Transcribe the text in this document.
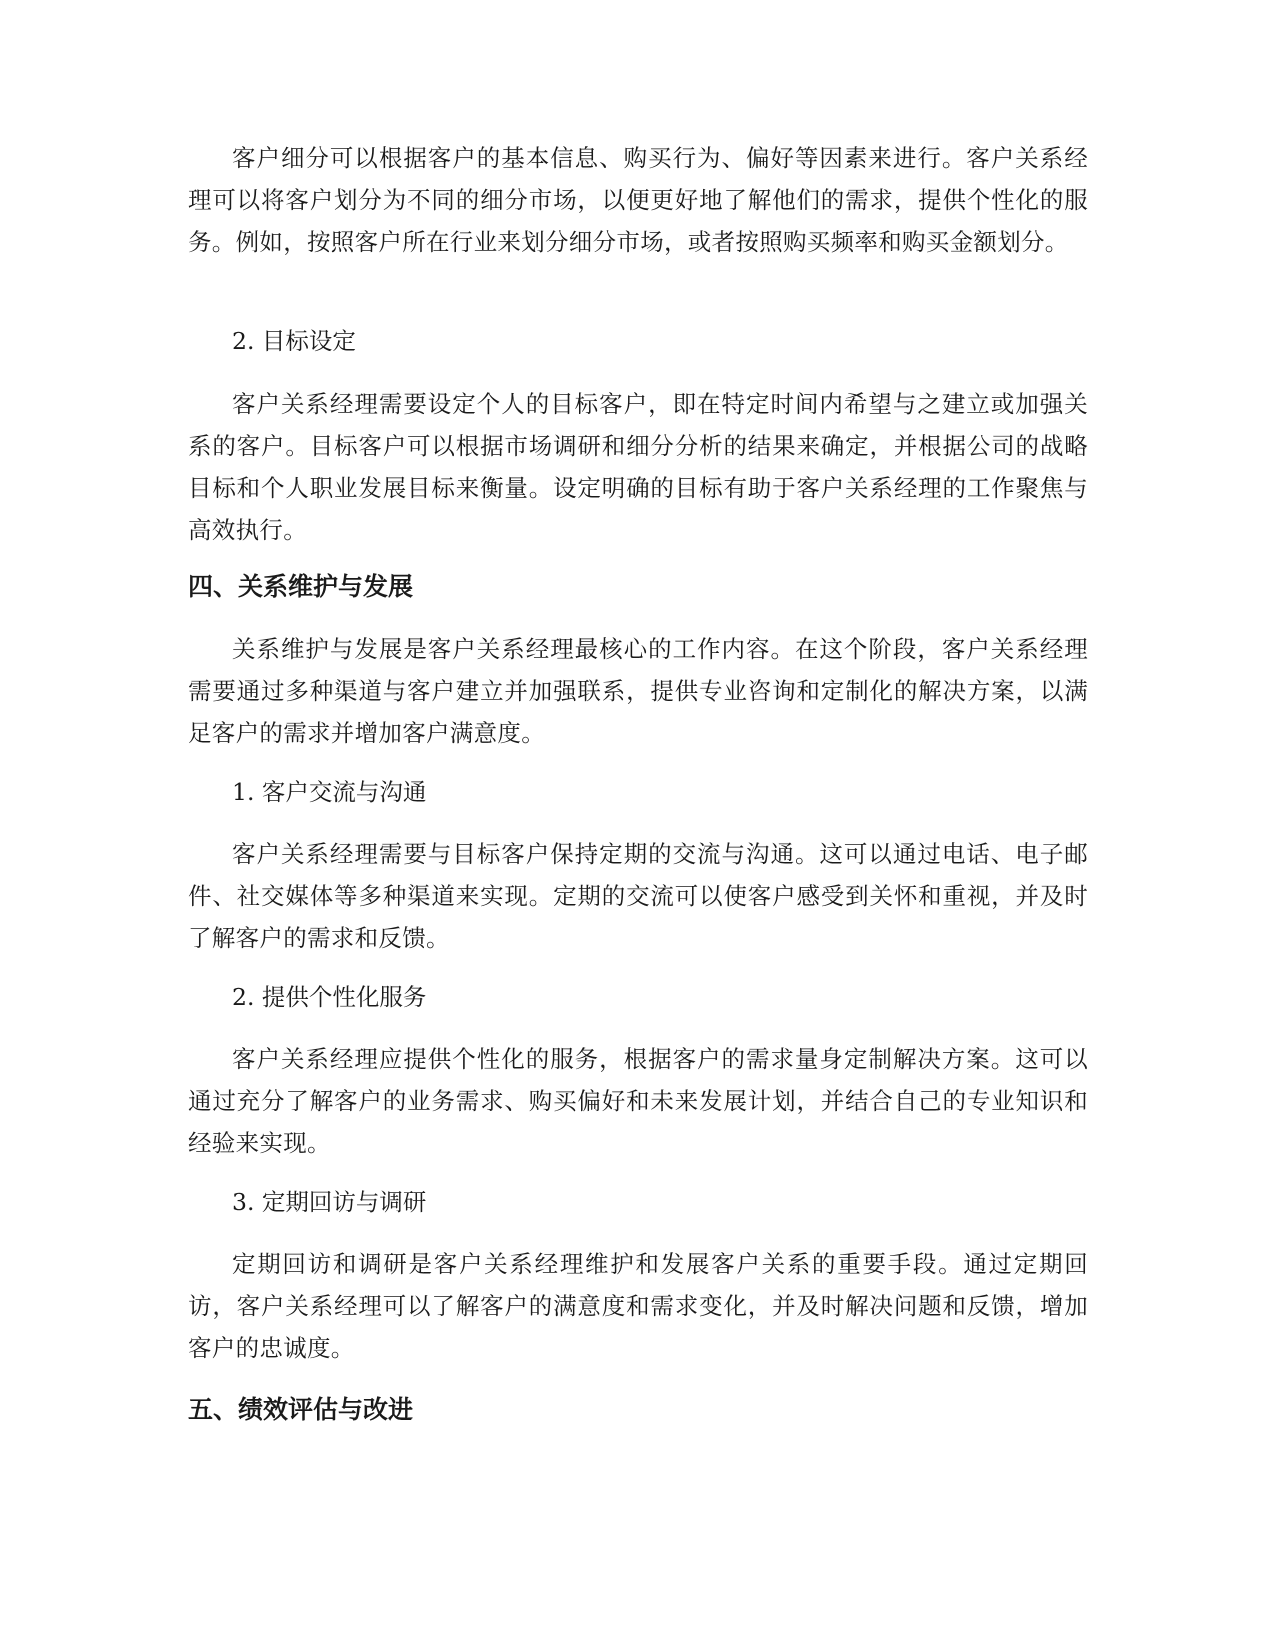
客户细分可以根据客户的基本信息、购买行为、偏好等因素来进行。客户关系经理可以将客户划分为不同的细分市场，以便更好地了解他们的需求，提供个性化的服务。例如，按照客户所在行业来划分细分市场，或者按照购买频率和购买金额划分。

2. 目标设定

客户关系经理需要设定个人的目标客户，即在特定时间内希望与之建立或加强关系的客户。目标客户可以根据市场调研和细分分析的结果来确定，并根据公司的战略目标和个人职业发展目标来衡量。设定明确的目标有助于客户关系经理的工作聚焦与高效执行。

四、关系维护与发展

关系维护与发展是客户关系经理最核心的工作内容。在这个阶段，客户关系经理需要通过多种渠道与客户建立并加强联系，提供专业咨询和定制化的解决方案，以满足客户的需求并增加客户满意度。

1. 客户交流与沟通

客户关系经理需要与目标客户保持定期的交流与沟通。这可以通过电话、电子邮件、社交媒体等多种渠道来实现。定期的交流可以使客户感受到关怀和重视，并及时了解客户的需求和反馈。

2. 提供个性化服务

客户关系经理应提供个性化的服务，根据客户的需求量身定制解决方案。这可以通过充分了解客户的业务需求、购买偏好和未来发展计划，并结合自己的专业知识和经验来实现。

3. 定期回访与调研

定期回访和调研是客户关系经理维护和发展客户关系的重要手段。通过定期回访，客户关系经理可以了解客户的满意度和需求变化，并及时解决问题和反馈，增加客户的忠诚度。

五、绩效评估与改进
